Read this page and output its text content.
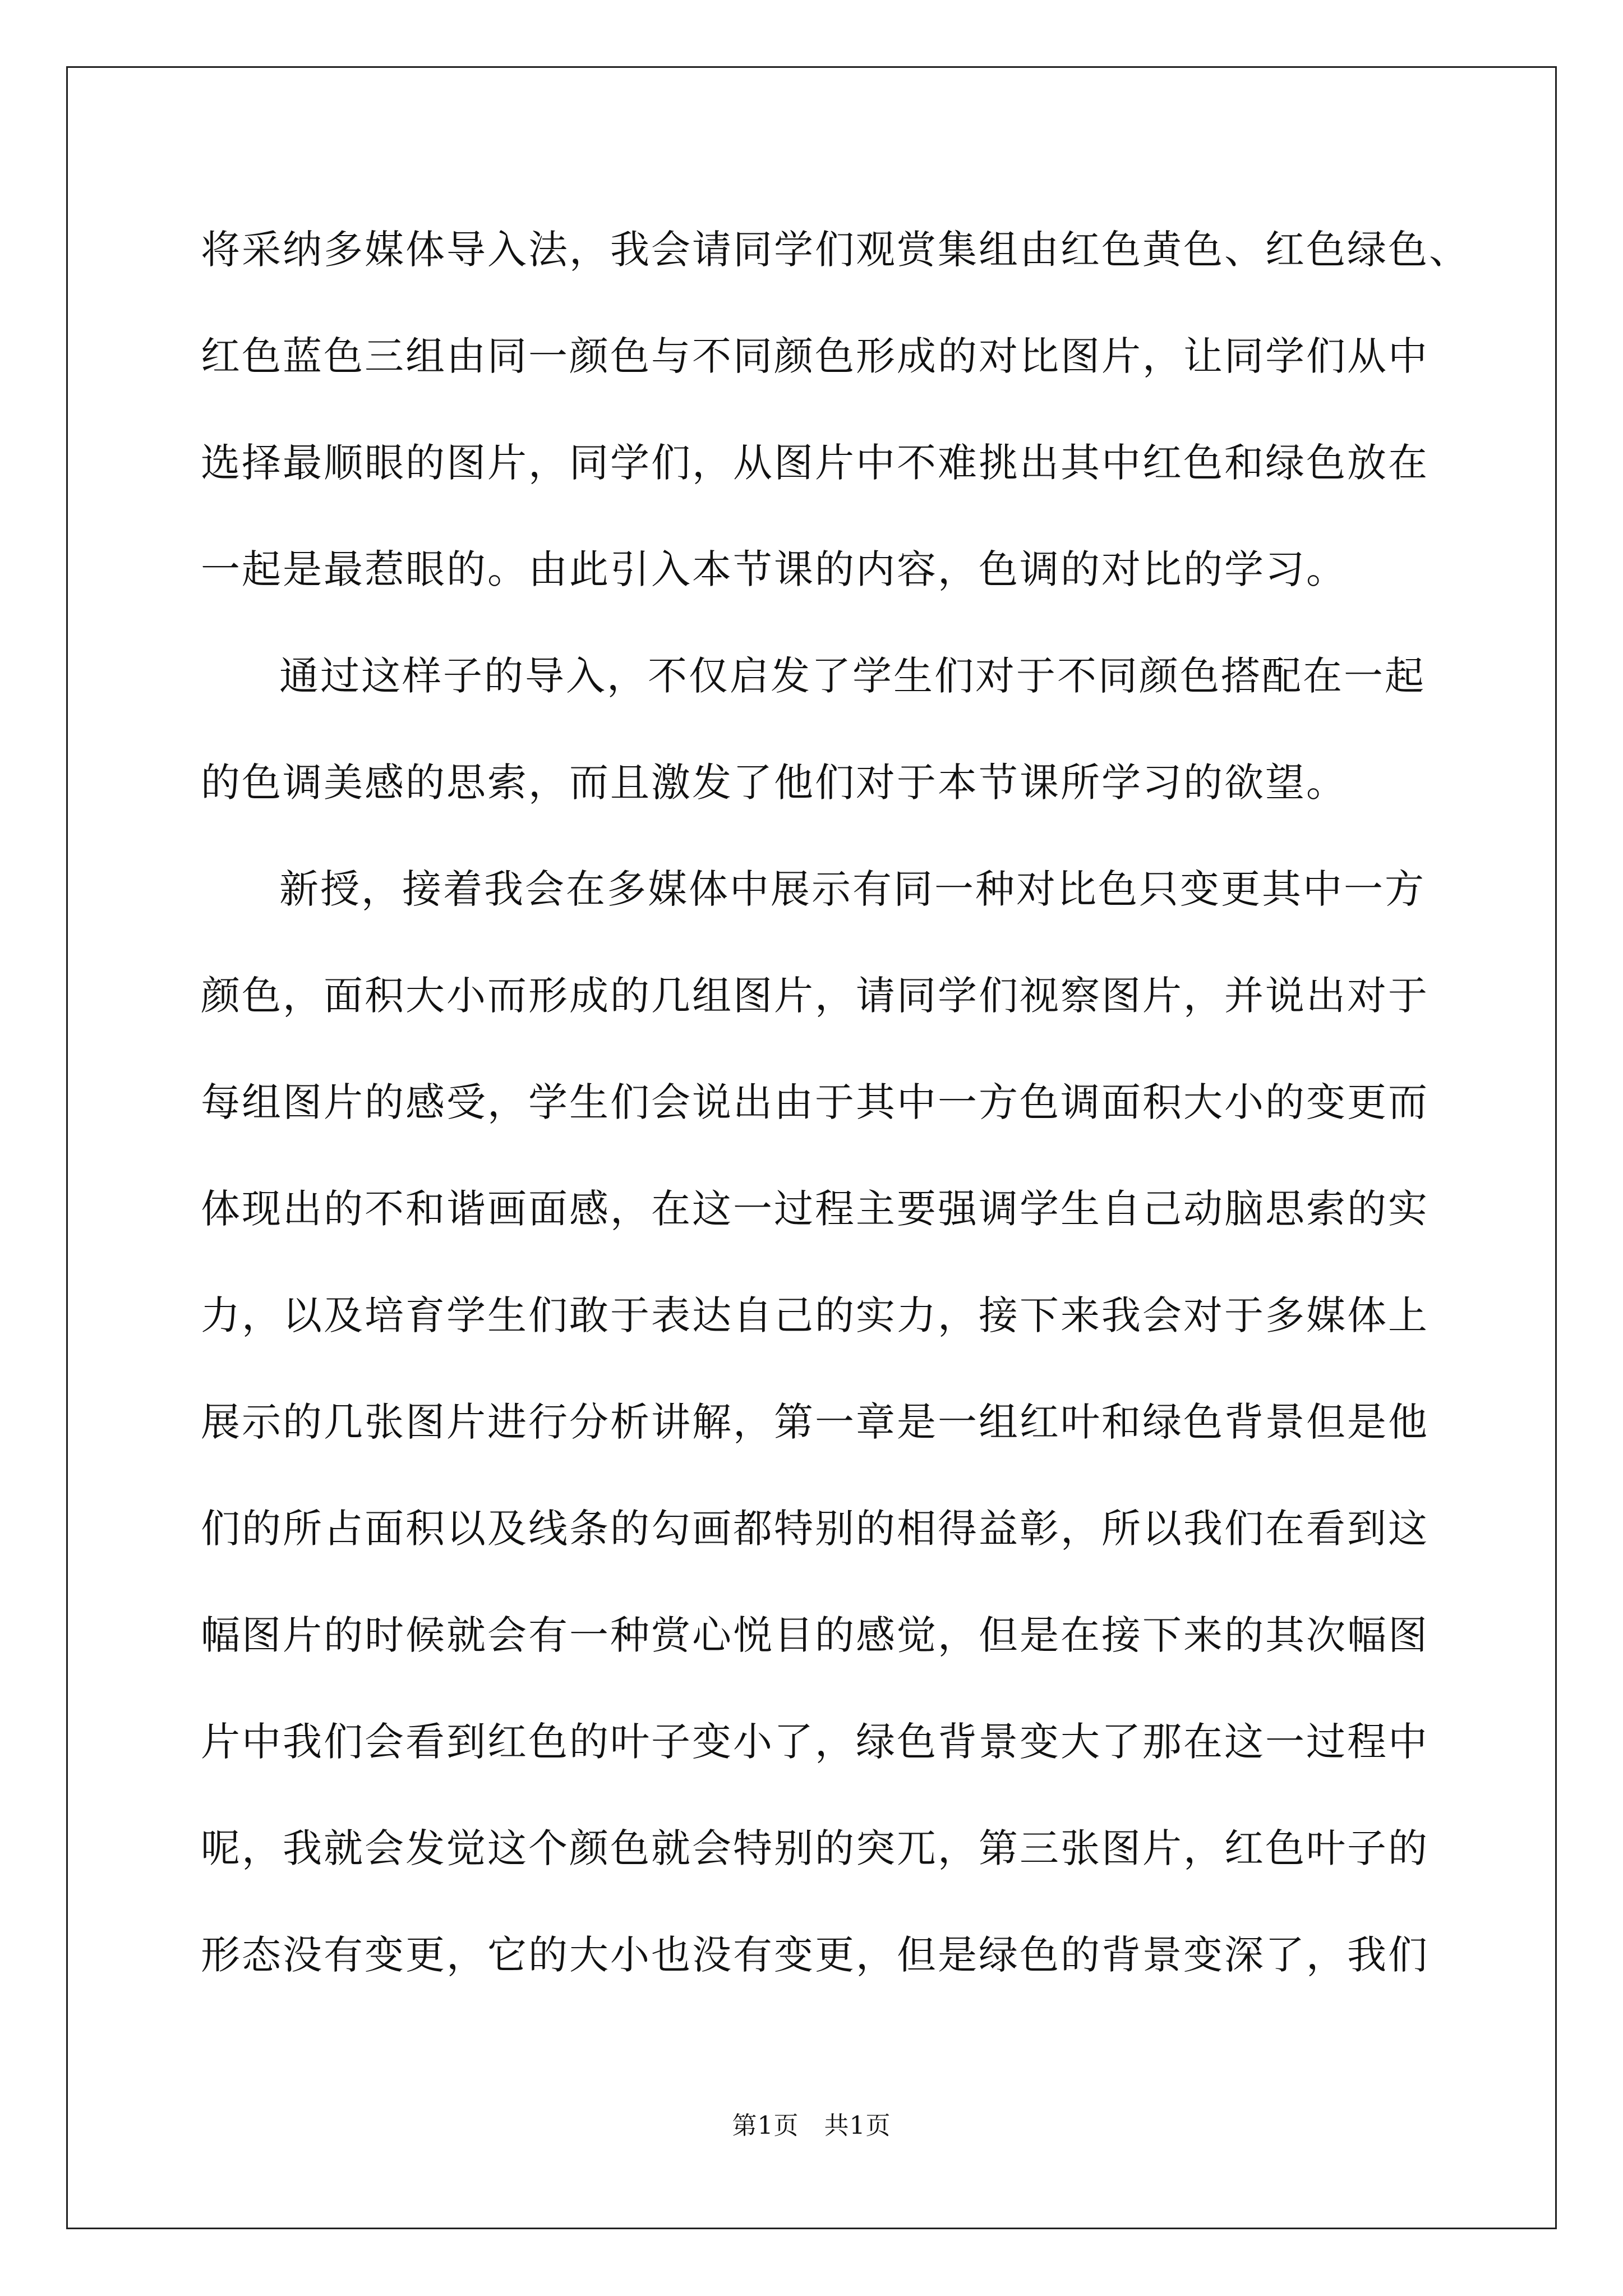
将采纳多媒体导入法，我会请同学们观赏集组由红色黄色、红色绿色、
红色蓝色三组由同一颜色与不同颜色形成的对比图片，让同学们从中
选择最顺眼的图片，同学们，从图片中不难挑出其中红色和绿色放在
一起是最惹眼的。由此引入本节课的内容，色调的对比的学习。
通过这样子的导入，不仅启发了学生们对于不同颜色搭配在一起
的色调美感的思索，而且激发了他们对于本节课所学习的欲望。
新授，接着我会在多媒体中展示有同一种对比色只变更其中一方
颜色，面积大小而形成的几组图片，请同学们视察图片，并说出对于
每组图片的感受，学生们会说出由于其中一方色调面积大小的变更而
体现出的不和谐画面感，在这一过程主要强调学生自己动脑思索的实
力，以及培育学生们敢于表达自己的实力，接下来我会对于多媒体上
展示的几张图片进行分析讲解，第一章是一组红叶和绿色背景但是他
们的所占面积以及线条的勾画都特别的相得益彰，所以我们在看到这
幅图片的时候就会有一种赏心悦目的感觉，但是在接下来的其次幅图
片中我们会看到红色的叶子变小了，绿色背景变大了那在这一过程中
呢，我就会发觉这个颜色就会特别的突兀，第三张图片，红色叶子的
形态没有变更，它的大小也没有变更，但是绿色的背景变深了，我们
第1页　共1页
